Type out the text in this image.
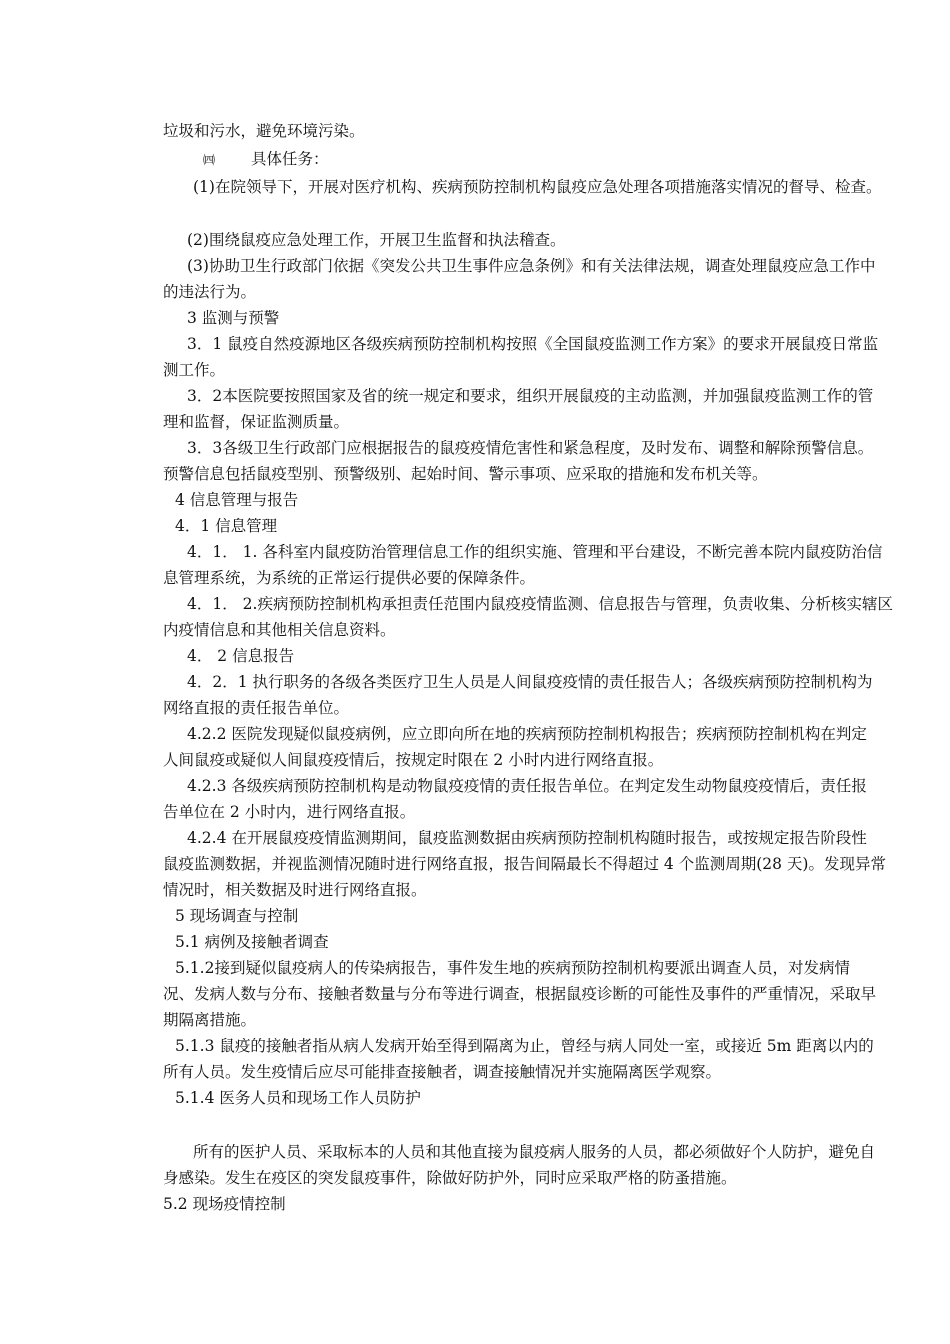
垃圾和污水，避免环境污染。
㈣ 具体任务：
(1)在院领导下，开展对医疗机构、疾病预防控制机构鼠疫应急处理各项措施落实情况的督导、检查。
(2)围绕鼠疫应急处理工作，开展卫生监督和执法稽查。
(3)协助卫生行政部门依据《突发公共卫生事件应急条例》和有关法律法规，调查处理鼠疫应急工作中
的违法行为。
3 监测与预警
3．1 鼠疫自然疫源地区各级疾病预防控制机构按照《全国鼠疫监测工作方案》的要求开展鼠疫日常监
测工作。
3．2本医院要按照国家及省的统一规定和要求，组织开展鼠疫的主动监测，并加强鼠疫监测工作的管
理和监督，保证监测质量。
3．3各级卫生行政部门应根据报告的鼠疫疫情危害性和紧急程度，及时发布、调整和解除预警信息。
预警信息包括鼠疫型别、预警级别、起始时间、警示事项、应采取的措施和发布机关等。
4 信息管理与报告
4．1 信息管理
4．1． 1. 各科室内鼠疫防治管理信息工作的组织实施、管理和平台建设，不断完善本院内鼠疫防治信
息管理系统，为系统的正常运行提供必要的保障条件。
4．1． 2.疾病预防控制机构承担责任范围内鼠疫疫情监测、信息报告与管理，负责收集、分析核实辖区
内疫情信息和其他相关信息资料。
4． 2 信息报告
4．2．1 执行职务的各级各类医疗卫生人员是人间鼠疫疫情的责任报告人；各级疾病预防控制机构为
网络直报的责任报告单位。
4.2.2 医院发现疑似鼠疫病例，应立即向所在地的疾病预防控制机构报告；疾病预防控制机构在判定
人间鼠疫或疑似人间鼠疫疫情后，按规定时限在 2 小时内进行网络直报。
4.2.3 各级疾病预防控制机构是动物鼠疫疫情的责任报告单位。在判定发生动物鼠疫疫情后，责任报
告单位在 2 小时内，进行网络直报。
4.2.4 在开展鼠疫疫情监测期间，鼠疫监测数据由疾病预防控制机构随时报告，或按规定报告阶段性
鼠疫监测数据，并视监测情况随时进行网络直报，报告间隔最长不得超过 4 个监测周期(28 天)。发现异常
情况时，相关数据及时进行网络直报。
5 现场调查与控制
5.1 病例及接触者调查
5.1.2接到疑似鼠疫病人的传染病报告，事件发生地的疾病预防控制机构要派出调查人员，对发病情
况、发病人数与分布、接触者数量与分布等进行调查，根据鼠疫诊断的可能性及事件的严重情况，采取早
期隔离措施。
5.1.3 鼠疫的接触者指从病人发病开始至得到隔离为止，曾经与病人同处一室，或接近 5m 距离以内的
所有人员。发生疫情后应尽可能排查接触者，调查接触情况并实施隔离医学观察。
5.1.4 医务人员和现场工作人员防护
所有的医护人员、采取标本的人员和其他直接为鼠疫病人服务的人员，都必须做好个人防护，避免自
身感染。发生在疫区的突发鼠疫事件，除做好防护外，同时应采取严格的防蚤措施。
5.2 现场疫情控制
